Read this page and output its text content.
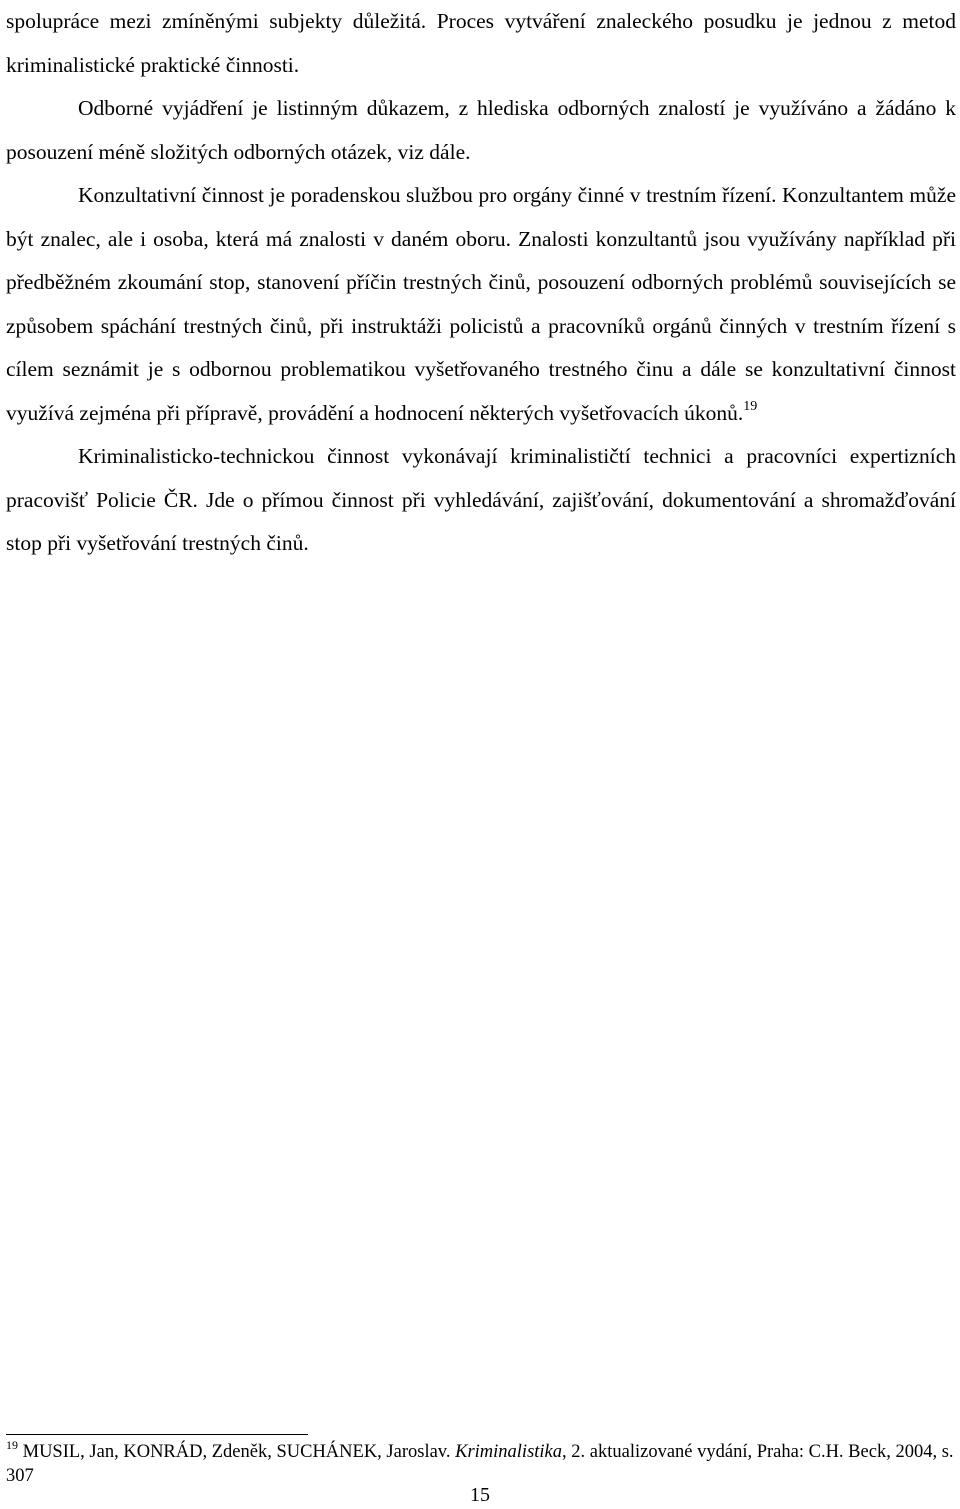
spolupráce mezi zmíněnými subjekty důležitá. Proces vytváření znaleckého posudku je jednou z metod kriminalistické praktické činnosti.

Odborné vyjádření je listinným důkazem, z hlediska odborných znalostí je využíváno a žádáno k posouzení méně složitých odborných otázek, viz dále.

Konzultativní činnost je poradenskou službou pro orgány činné v trestním řízení. Konzultantem může být znalec, ale i osoba, která má znalosti v daném oboru. Znalosti konzultantů jsou využívány například při předběžném zkoumání stop, stanovení příčin trestných činů, posouzení odborných problémů souvisejících se způsobem spáchání trestných činů, při instruktáži policistů a pracovníků orgánů činných v trestním řízení s cílem seznámit je s odbornou problematikou vyšetřovaného trestného činu a dále se konzultativní činnost využívá zejména při přípravě, provádění a hodnocení některých vyšetřovacích úkonů.$^{19}$

Kriminalisticko-technickou činnost vykonávají kriminalističtí technici a pracovníci expertizních pracovišť Policie ČR. Jde o přímou činnost při vyhledávání, zajišťování, dokumentování a shromažďování stop při vyšetřování trestných činů.

$^{19}$ MUSIL, Jan, KONRÁD, Zdeněk, SUCHÁNEK, Jaroslav. Kriminalistika, 2. aktualizované vydání, Praha: C.H. Beck, 2004, s. 307
15
